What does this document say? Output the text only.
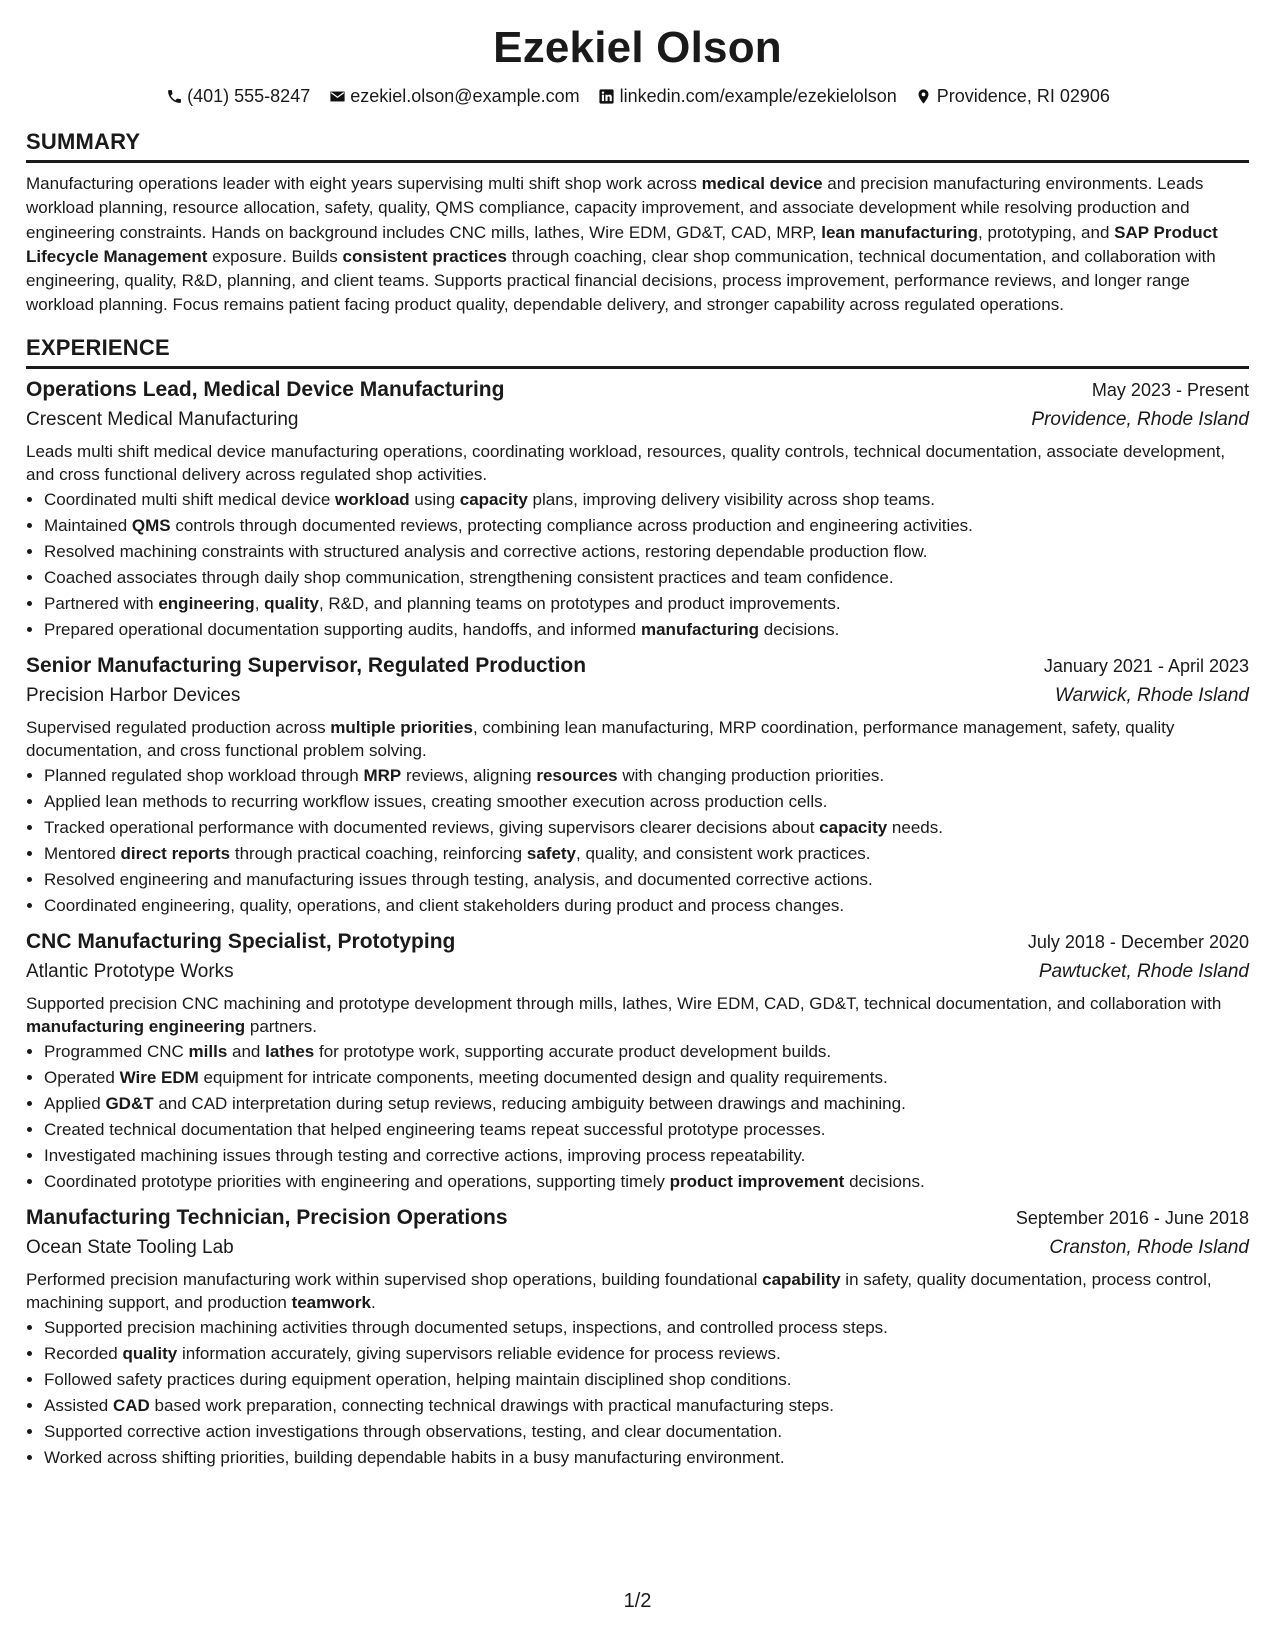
Ezekiel Olson
(401) 555-8247 ezekiel.olson@example.com linkedin.com/example/ezekielolson Providence, RI 02906
SUMMARY

Manufacturing operations leader with eight years supervising multi shift shop work across medical device and precision manufacturing environments. Leads workload planning, resource allocation, safety, quality, QMS compliance, capacity improvement, and associate development while resolving production and engineering constraints. Hands on background includes CNC mills, lathes, Wire EDM, GD&T, CAD, MRP, lean manufacturing, prototyping, and SAP Product Lifecycle Management exposure. Builds consistent practices through coaching, clear shop communication, technical documentation, and collaboration with engineering, quality, R&D, planning, and client teams. Supports practical financial decisions, process improvement, performance reviews, and longer range workload planning. Focus remains patient facing product quality, dependable delivery, and stronger capability across regulated operations.

EXPERIENCE
Operations Lead, Medical Device Manufacturing	May 2023 - Present
Crescent Medical Manufacturing	Providence, Rhode Island

Leads multi shift medical device manufacturing operations, coordinating workload, resources, quality controls, technical documentation, associate development, and cross functional delivery across regulated shop activities.

• Coordinated multi shift medical device workload using capacity plans, improving delivery visibility across shop teams.
• Maintained QMS controls through documented reviews, protecting compliance across production and engineering activities.
• Resolved machining constraints with structured analysis and corrective actions, restoring dependable production flow.
• Coached associates through daily shop communication, strengthening consistent practices and team confidence.
• Partnered with engineering, quality, R&D, and planning teams on prototypes and product improvements.
• Prepared operational documentation supporting audits, handoffs, and informed manufacturing decisions.
Senior Manufacturing Supervisor, Regulated Production	January 2021 - April 2023
Precision Harbor Devices	Warwick, Rhode Island

Supervised regulated production across multiple priorities, combining lean manufacturing, MRP coordination, performance management, safety, quality documentation, and cross functional problem solving.

• Planned regulated shop workload through MRP reviews, aligning resources with changing production priorities.
• Applied lean methods to recurring workflow issues, creating smoother execution across production cells.
• Tracked operational performance with documented reviews, giving supervisors clearer decisions about capacity needs.
• Mentored direct reports through practical coaching, reinforcing safety, quality, and consistent work practices.
• Resolved engineering and manufacturing issues through testing, analysis, and documented corrective actions.
• Coordinated engineering, quality, operations, and client stakeholders during product and process changes.
CNC Manufacturing Specialist, Prototyping	July 2018 - December 2020
Atlantic Prototype Works	Pawtucket, Rhode Island

Supported precision CNC machining and prototype development through mills, lathes, Wire EDM, CAD, GD&T, technical documentation, and collaboration with manufacturing engineering partners.

• Programmed CNC mills and lathes for prototype work, supporting accurate product development builds.
• Operated Wire EDM equipment for intricate components, meeting documented design and quality requirements.
• Applied GD&T and CAD interpretation during setup reviews, reducing ambiguity between drawings and machining.
• Created technical documentation that helped engineering teams repeat successful prototype processes.
• Investigated machining issues through testing and corrective actions, improving process repeatability.
• Coordinated prototype priorities with engineering and operations, supporting timely product improvement decisions.
Manufacturing Technician, Precision Operations	September 2016 - June 2018
Ocean State Tooling Lab	Cranston, Rhode Island

Performed precision manufacturing work within supervised shop operations, building foundational capability in safety, quality documentation, process control, machining support, and production teamwork.

• Supported precision machining activities through documented setups, inspections, and controlled process steps.
• Recorded quality information accurately, giving supervisors reliable evidence for process reviews.
• Followed safety practices during equipment operation, helping maintain disciplined shop conditions.
• Assisted CAD based work preparation, connecting technical drawings with practical manufacturing steps.
• Supported corrective action investigations through observations, testing, and clear documentation.
• Worked across shifting priorities, building dependable habits in a busy manufacturing environment.
1/2
